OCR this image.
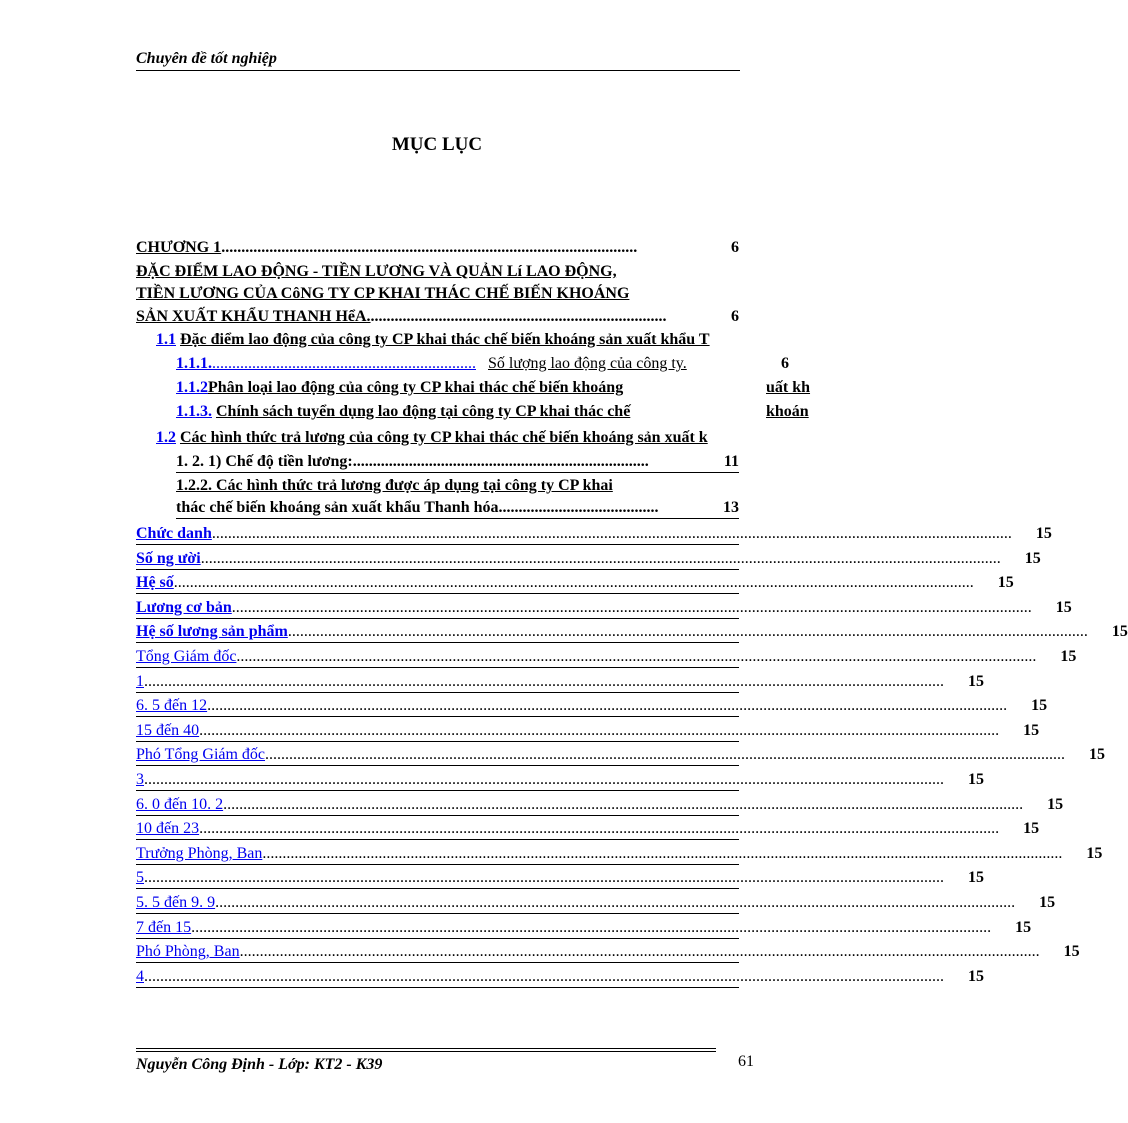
Chuyên đề tốt nghiệp
MỤC LỤC
CHƯƠNG 1........................................................................................................	6
ĐẶC ĐIỂM LAO ĐỘNG - TIỀN LƯƠNG VÀ QUẢN Lí LAO ĐỘNG,
TIỀN LƯƠNG CỦA CôNG TY CP KHAI THÁC CHẾ BIẾN KHOÁNG
SẢN XUẤT KHẨU THANH HểA...........................................................................	6
1.1 Đặc điểm lao động của công ty CP khai thác chế biến khoáng sản xuất khẩu T
1.1.1................................................................... Số lượng lao động của công ty.	6
1.1.2Phân loại lao động của công ty CP khai thác chế biến khoáng	uất kh
1.1.3. Chính sách tuyển dụng lao động tại công ty CP khai thác chế	khoán
1.2 Các hình thức trả lương của công ty CP khai thác chế biến khoáng sản xuất k
1. 2. 1) Chế độ tiền lương:..........................................................................	11
1.2.2. Các hình thức trả lương được áp dụng tại công ty CP khai
thác chế biến khoáng sản xuất khẩu Thanh hóa........................................	13
Chức danh ........................................................................................................................................................................................................	15
Số ng ười ........................................................................................................................................................................................................	15
Hệ số ........................................................................................................................................................................................................	15
Lương cơ bản ........................................................................................................................................................................................................	15
Hệ số lương sản phẩm ........................................................................................................................................................................................................	15
Tổng Giám đốc ........................................................................................................................................................................................................	15
1 ........................................................................................................................................................................................................	15
6. 5 đến 12 ........................................................................................................................................................................................................	15
15 đến 40 ........................................................................................................................................................................................................	15
Phó Tổng Giám đốc ........................................................................................................................................................................................................	15
3 ........................................................................................................................................................................................................	15
6. 0 đến 10. 2 ........................................................................................................................................................................................................	15
10 đến 23 ........................................................................................................................................................................................................	15
Trưởng Phòng, Ban ........................................................................................................................................................................................................	15
5 ........................................................................................................................................................................................................	15
5. 5 đến 9. 9 ........................................................................................................................................................................................................	15
7 đến 15 ........................................................................................................................................................................................................	15
Phó Phòng, Ban ........................................................................................................................................................................................................	15
4 ........................................................................................................................................................................................................	15
Nguyễn Công Định - Lớp: KT2 - K39	61
